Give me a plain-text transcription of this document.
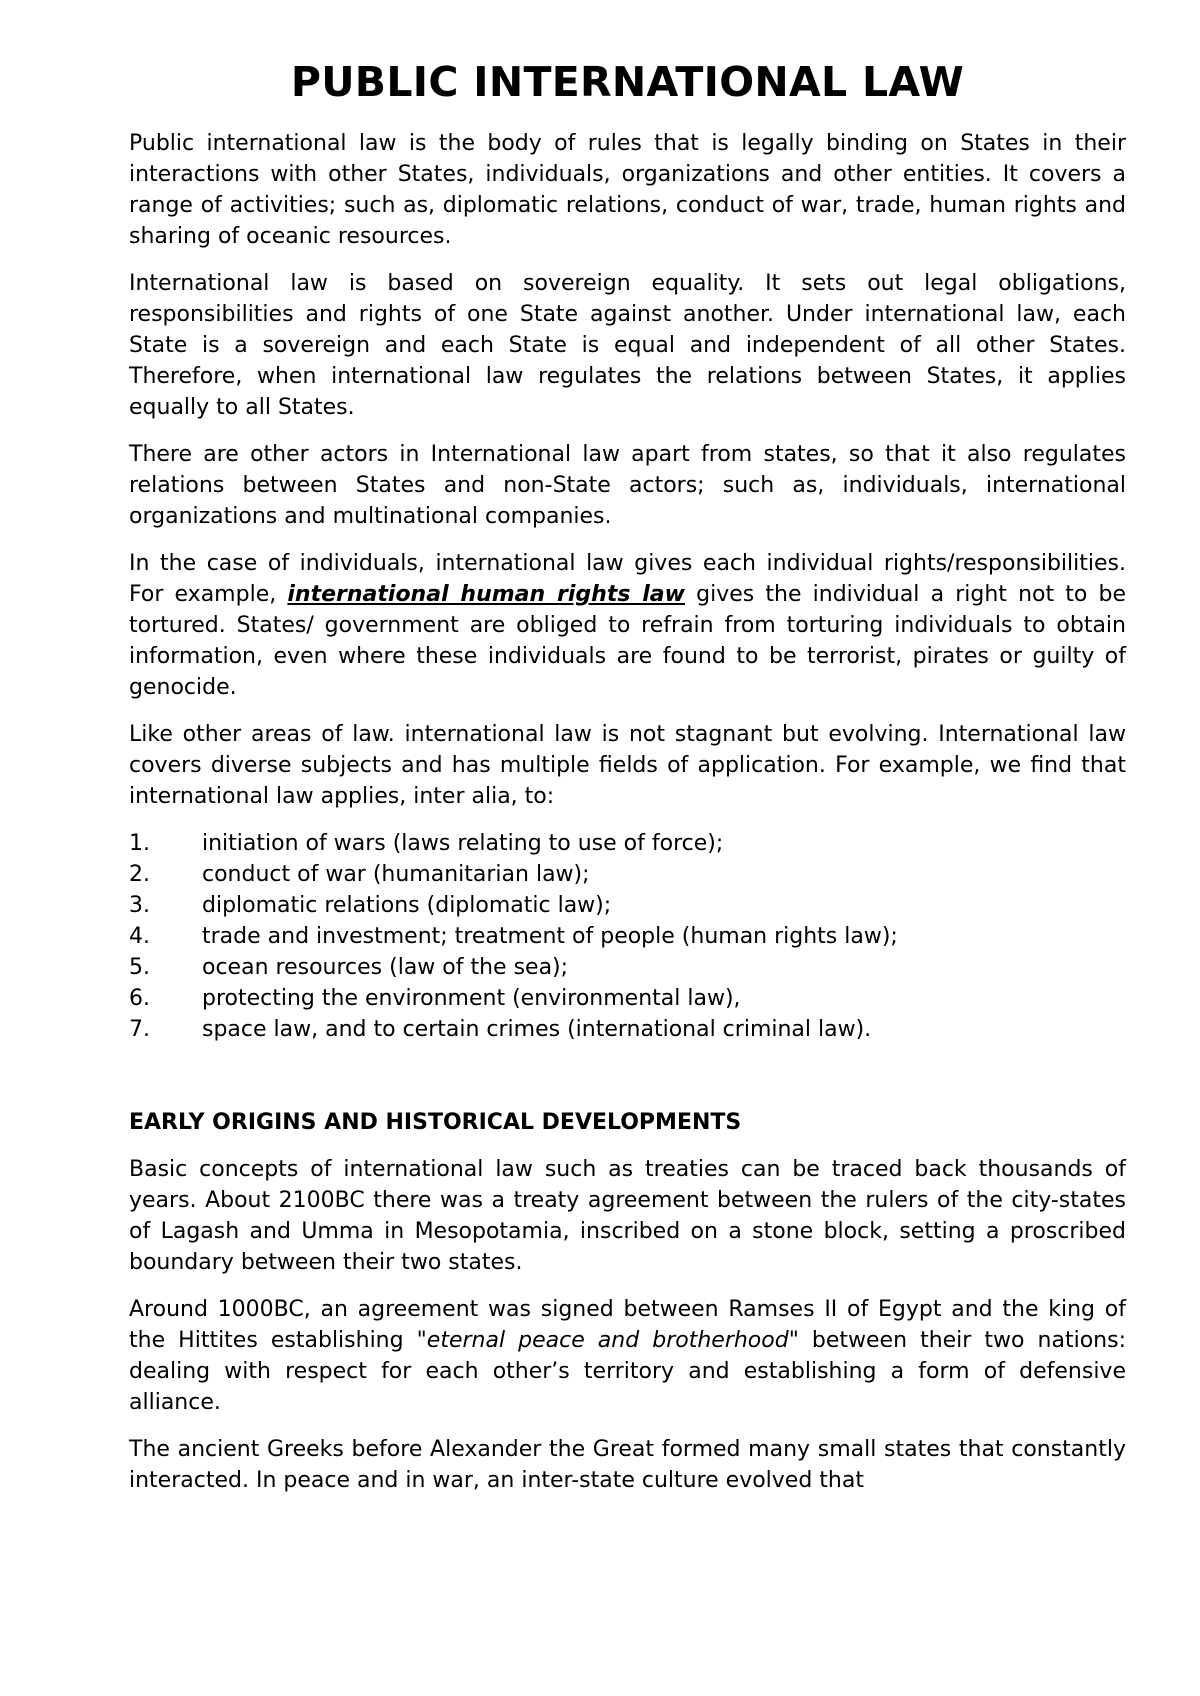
PUBLIC INTERNATIONAL LAW

Public international law is the body of rules that is legally binding on States in their interactions with other States, individuals, organizations and other entities. It covers a range of activities; such as, diplomatic relations, conduct of war, trade, human rights and sharing of oceanic resources.

International law is based on sovereign equality. It sets out legal obligations, responsibilities and rights of one State against another. Under international law, each State is a sovereign and each State is equal and independent of all other States. Therefore, when international law regulates the relations between States, it applies equally to all States.

There are other actors in International law apart from states, so that it also regulates relations between States and non-State actors; such as, individuals, international organizations and multinational companies.

In the case of individuals, international law gives each individual rights/responsibilities. For example, international human rights law gives the individual a right not to be tortured. States/ government are obliged to refrain from torturing individuals to obtain information, even where these individuals are found to be terrorist, pirates or guilty of genocide.

Like other areas of law. international law is not stagnant but evolving. International law covers diverse subjects and has multiple fields of application. For example, we find that international law applies, inter alia, to:

1.	initiation of wars (laws relating to use of force);
2.	conduct of war (humanitarian law);
3.	diplomatic relations (diplomatic law);
4.	trade and investment; treatment of people (human rights law);
5.	ocean resources (law of the sea);
6.	protecting the environment (environmental law),
7.	space law, and to certain crimes (international criminal law).
EARLY ORIGINS AND HISTORICAL DEVELOPMENTS

Basic concepts of international law such as treaties can be traced back thousands of years. About 2100BC there was a treaty agreement between the rulers of the city-states of Lagash and Umma in Mesopotamia, inscribed on a stone block, setting a proscribed boundary between their two states.

Around 1000BC, an agreement was signed between Ramses II of Egypt and the king of the Hittites establishing "eternal peace and brotherhood" between their two nations: dealing with respect for each other’s territory and establishing a form of defensive alliance.

The ancient Greeks before Alexander the Great formed many small states that constantly interacted. In peace and in war, an inter-state culture evolved that
